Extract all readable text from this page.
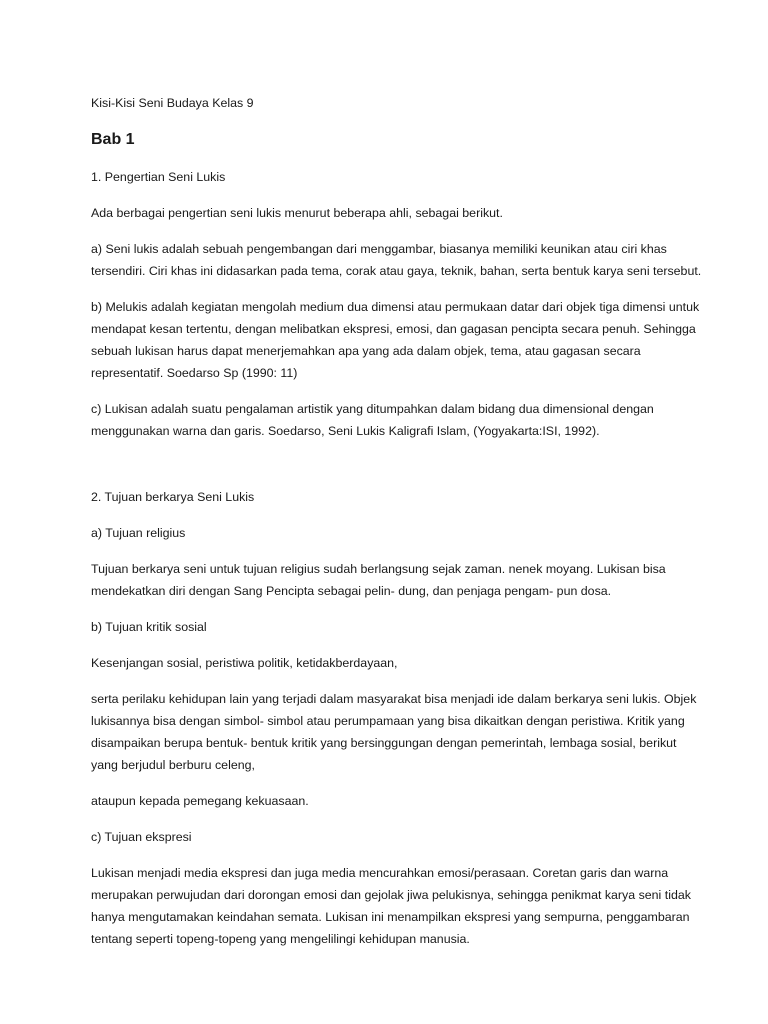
Kisi-Kisi Seni Budaya Kelas 9

Bab 1

1. Pengertian Seni Lukis

Ada berbagai pengertian seni lukis menurut beberapa ahli, sebagai berikut.

a) Seni lukis adalah sebuah pengembangan dari menggambar, biasanya memiliki keunikan atau ciri khas tersendiri. Ciri khas ini didasarkan pada tema, corak atau gaya, teknik, bahan, serta bentuk karya seni tersebut.

b) Melukis adalah kegiatan mengolah medium dua dimensi atau permukaan datar dari objek tiga dimensi untuk mendapat kesan tertentu, dengan melibatkan ekspresi, emosi, dan gagasan pencipta secara penuh. Sehingga sebuah lukisan harus dapat menerjemahkan apa yang ada dalam objek, tema, atau gagasan secara representatif. Soedarso Sp (1990: 11)

c) Lukisan adalah suatu pengalaman artistik yang ditumpahkan dalam bidang dua dimensional dengan menggunakan warna dan garis. Soedarso, Seni Lukis Kaligrafi Islam, (Yogyakarta:ISI, 1992).

2. Tujuan berkarya Seni Lukis

a) Tujuan religius

Tujuan berkarya seni untuk tujuan religius sudah berlangsung sejak zaman. nenek moyang. Lukisan bisa mendekatkan diri dengan Sang Pencipta sebagai pelin- dung, dan penjaga pengam- pun dosa.

b) Tujuan kritik sosial

Kesenjangan sosial, peristiwa politik, ketidakberdayaan,

serta perilaku kehidupan lain yang terjadi dalam masyarakat bisa menjadi ide dalam berkarya seni lukis. Objek lukisannya bisa dengan simbol- simbol atau perumpamaan yang bisa dikaitkan dengan peristiwa. Kritik yang disampaikan berupa bentuk- bentuk kritik yang bersinggungan dengan pemerintah, lembaga sosial, berikut yang berjudul berburu celeng,

ataupun kepada pemegang kekuasaan.

c) Tujuan ekspresi

Lukisan menjadi media ekspresi dan juga media mencurahkan emosi/perasaan. Coretan garis dan warna merupakan perwujudan dari dorongan emosi dan gejolak jiwa pelukisnya, sehingga penikmat karya seni tidak hanya mengutamakan keindahan semata. Lukisan ini menampilkan ekspresi yang sempurna, penggambaran tentang seperti topeng-topeng yang mengelilingi kehidupan manusia.
